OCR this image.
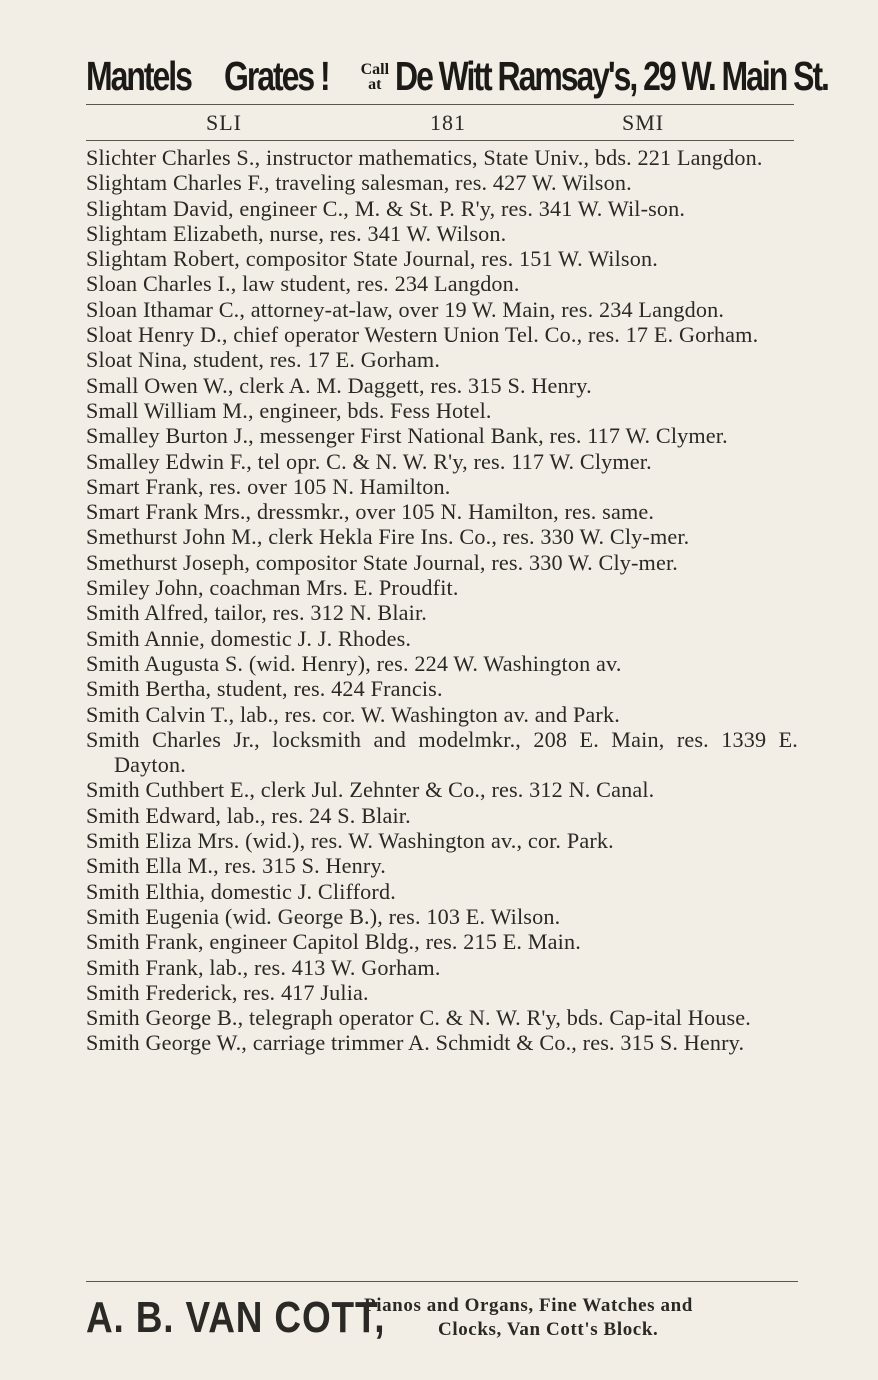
Mantels Grates ! Call
at De Witt Ramsay's, 29 W. Main St.
SLI	181	SMI
Slichter Charles S., instructor mathematics, State Univ., bds. 221 Langdon.
Slightam Charles F., traveling salesman, res. 427 W. Wilson.
Slightam David, engineer C., M. & St. P. R'y, res. 341 W. Wil-son.
Slightam Elizabeth, nurse, res. 341 W. Wilson.
Slightam Robert, compositor State Journal, res. 151 W. Wilson.
Sloan Charles I., law student, res. 234 Langdon.
Sloan Ithamar C., attorney-at-law, over 19 W. Main, res. 234 Langdon.
Sloat Henry D., chief operator Western Union Tel. Co., res. 17 E. Gorham.
Sloat Nina, student, res. 17 E. Gorham.
Small Owen W., clerk A. M. Daggett, res. 315 S. Henry.
Small William M., engineer, bds. Fess Hotel.
Smalley Burton J., messenger First National Bank, res. 117 W. Clymer.
Smalley Edwin F., tel opr. C. & N. W. R'y, res. 117 W. Clymer.
Smart Frank, res. over 105 N. Hamilton.
Smart Frank Mrs., dressmkr., over 105 N. Hamilton, res. same.
Smethurst John M., clerk Hekla Fire Ins. Co., res. 330 W. Cly-mer.
Smethurst Joseph, compositor State Journal, res. 330 W. Cly-mer.
Smiley John, coachman Mrs. E. Proudfit.
Smith Alfred, tailor, res. 312 N. Blair.
Smith Annie, domestic J. J. Rhodes.
Smith Augusta S. (wid. Henry), res. 224 W. Washington av.
Smith Bertha, student, res. 424 Francis.
Smith Calvin T., lab., res. cor. W. Washington av. and Park.
Smith Charles Jr., locksmith and modelmkr., 208 E. Main, res. 1339 E. Dayton.
Smith Cuthbert E., clerk Jul. Zehnter & Co., res. 312 N. Canal.
Smith Edward, lab., res. 24 S. Blair.
Smith Eliza Mrs. (wid.), res. W. Washington av., cor. Park.
Smith Ella M., res. 315 S. Henry.
Smith Elthia, domestic J. Clifford.
Smith Eugenia (wid. George B.), res. 103 E. Wilson.
Smith Frank, engineer Capitol Bldg., res. 215 E. Main.
Smith Frank, lab., res. 413 W. Gorham.
Smith Frederick, res. 417 Julia.
Smith George B., telegraph operator C. & N. W. R'y, bds. Cap-ital House.
Smith George W., carriage trimmer A. Schmidt & Co., res. 315 S. Henry.
A. B. VAN COTT,
Pianos and Organs, Fine Watches and
Clocks, Van Cott's Block.
